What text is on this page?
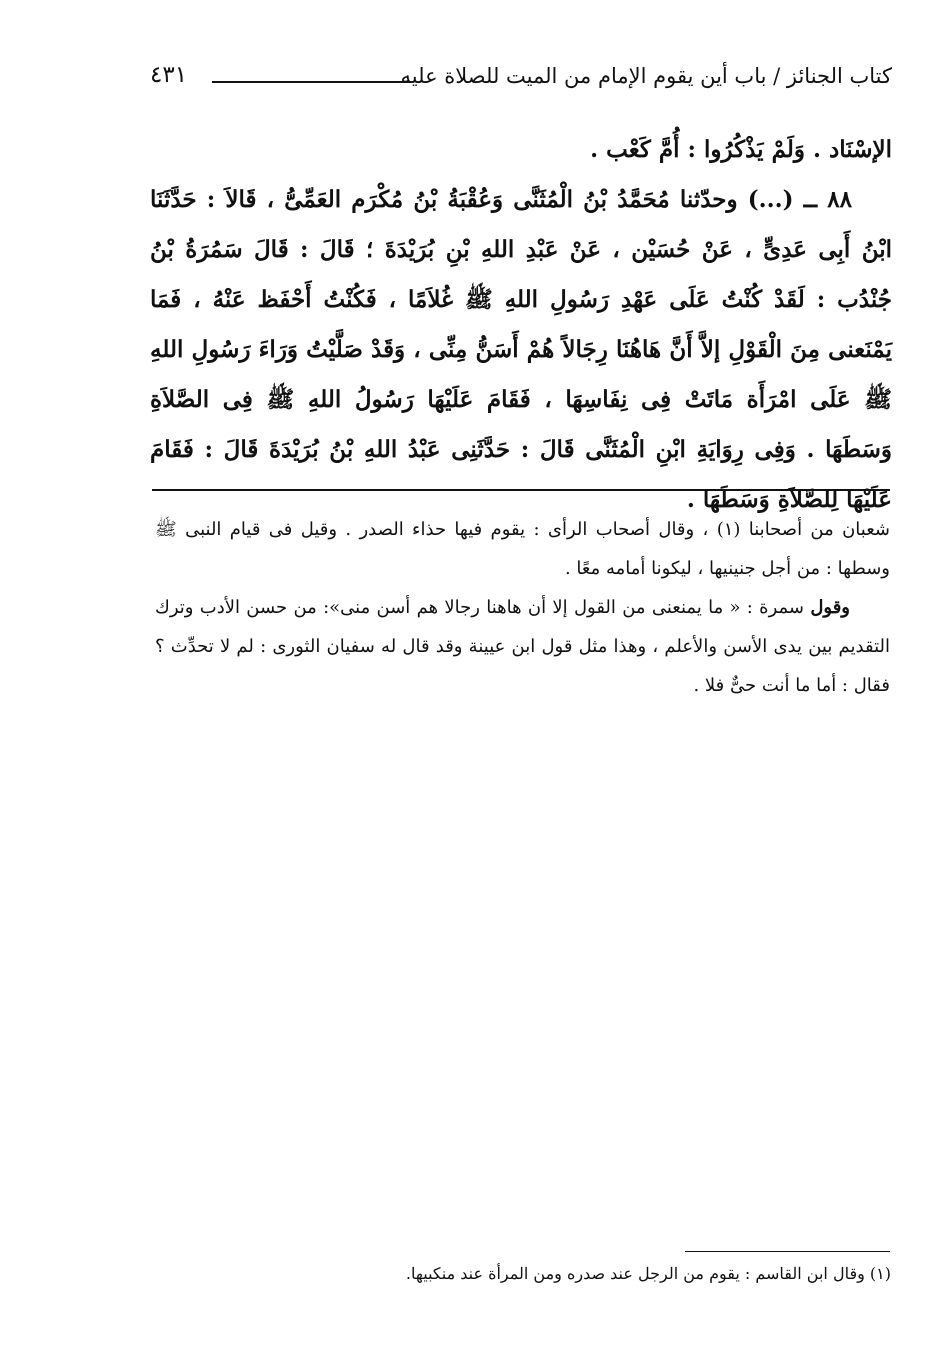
كتاب الجنائز / باب أين يقوم الإمام من الميت للصلاة عليه
٤٣١

الإسْنَاد . وَلَمْ يَذْكُرُوا : أُمَّ كَعْب .

٨٨ ــ (...) وحدّثنا مُحَمَّدُ بْنُ الْمُثَنَّى وَعُقْبَةُ بْنُ مُكْرَم العَمِّىُّ ، قَالاَ : حَدَّثَنَا ابْنُ أَبِى عَدِىٍّ ، عَنْ حُسَيْن ، عَنْ عَبْدِ اللهِ بْنِ بُرَيْدَةَ ؛ قَالَ : قَالَ سَمُرَةُ بْنُ جُنْدُب : لَقَدْ كُنْتُ عَلَى عَهْدِ رَسُولِ اللهِ ﷺ غُلاَمًا ، فَكُنْتُ أَحْفَظ عَنْهُ ، فَمَا يَمْنَعنى مِنَ الْقَوْلِ إلاَّ أَنَّ هَاهُنَا رِجَالاً هُمْ أَسَنُّ مِنِّى ، وَقَدْ صَلَّيْتُ وَرَاءَ رَسُولِ اللهِ ﷺ عَلَى امْرَأَة مَاتَتْ فِى نِفَاسِهَا ، فَقَامَ عَلَيْهَا رَسُولُ اللهِ ﷺ فِى الصَّلاَةِ وَسَطَهَا . وَفِى رِوَايَةِ ابْنِ الْمُثَنَّى قَالَ : حَدَّثَنِى عَبْدُ اللهِ بْنُ بُرَيْدَةَ قَالَ : فَقَامَ عَلَيْهَا لِلصَّلاَةِ وَسَطَهَا .

شعبان من أصحابنا (١) ، وقال أصحاب الرأى : يقوم فيها حذاء الصدر . وقيل فى قيام النبى ﷺ وسطها : من أجل جنينيها ، ليكونا أمامه معًا .

وقول سمرة : « ما يمنعنى من القول إلا أن هاهنا رجالا هم أسن منى»: من حسن الأدب وترك التقديم بين يدى الأسن والأعلم ، وهذا مثل قول ابن عيينة وقد قال له سفيان الثورى : لم لا تحدِّث ؟ فقال : أما ما أنت حىٌّ فلا .

(١) وقال ابن القاسم : يقوم من الرجل عند صدره ومن المرأة عند منكبيها.
